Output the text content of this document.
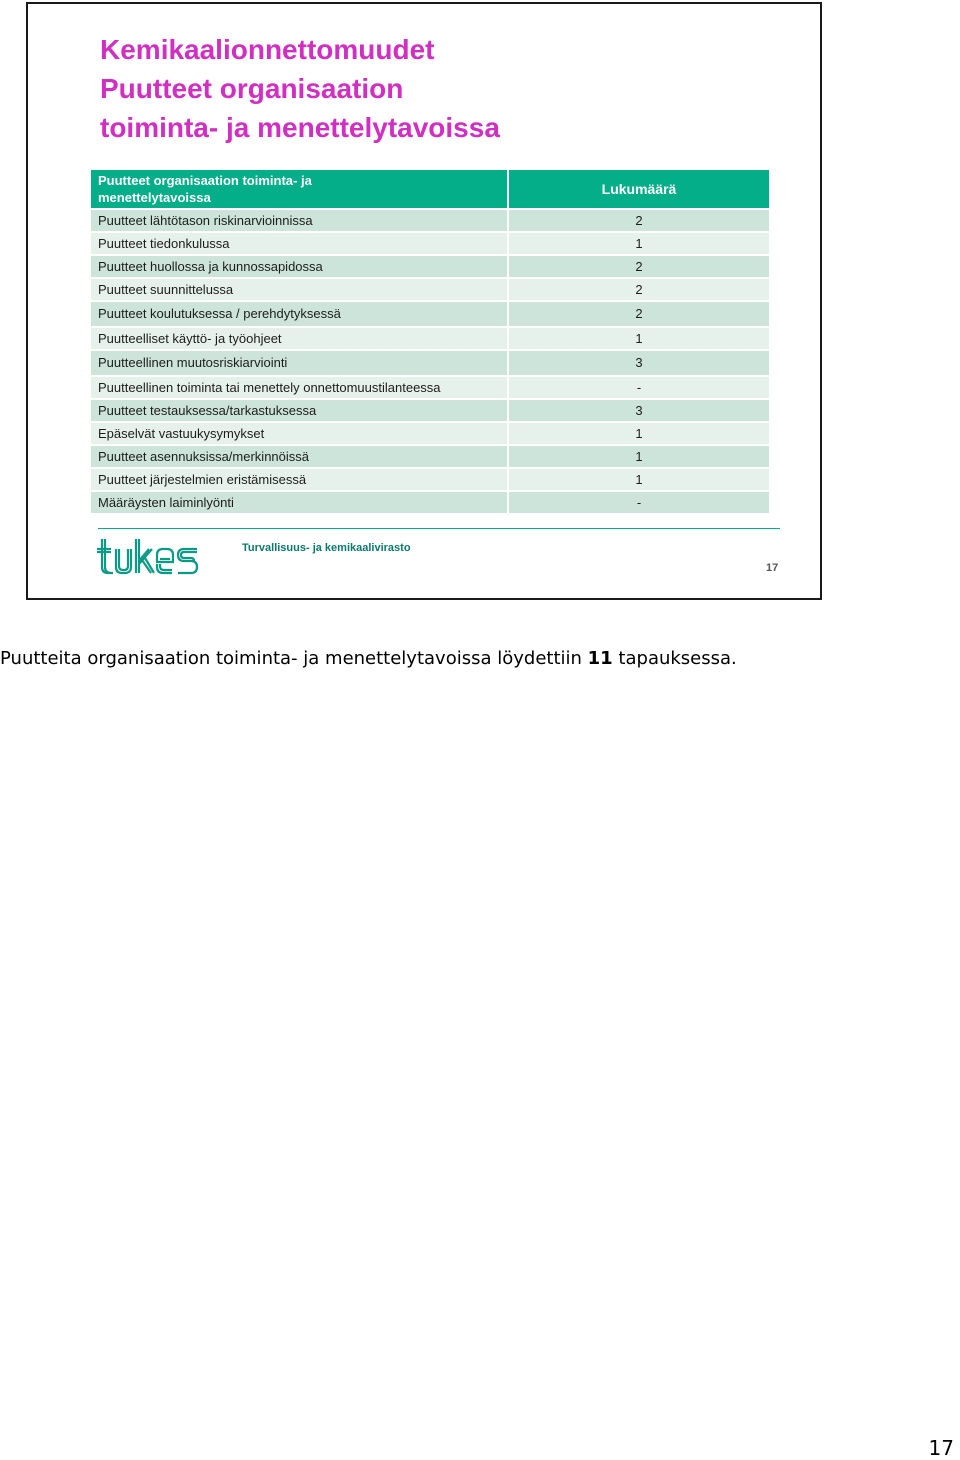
Kemikaalionnettomuudet
Puutteet organisaation
toiminta- ja menettelytavoissa
Puutteet organisaation toiminta- ja
menettelytavoissa	Lukumäärä
Puutteet lähtötason riskinarvioinnissa	2
Puutteet tiedonkulussa	1
Puutteet huollossa ja kunnossapidossa	2
Puutteet suunnittelussa	2
Puutteet koulutuksessa / perehdytyksessä	2
Puutteelliset käyttö- ja työohjeet	1
Puutteellinen muutosriskiarviointi	3
Puutteellinen toiminta tai menettely onnettomuustilanteessa	-
Puutteet testauksessa/tarkastuksessa	3
Epäselvät vastuukysymykset	1
Puutteet asennuksissa/merkinnöissä	1
Puutteet järjestelmien eristämisessä	1
Määräysten laiminlyönti	-
Turvallisuus- ja kemikaalivirasto
17

Puutteita organisaation toiminta- ja menettelytavoissa löydettiin 11 tapauksessa.

17
